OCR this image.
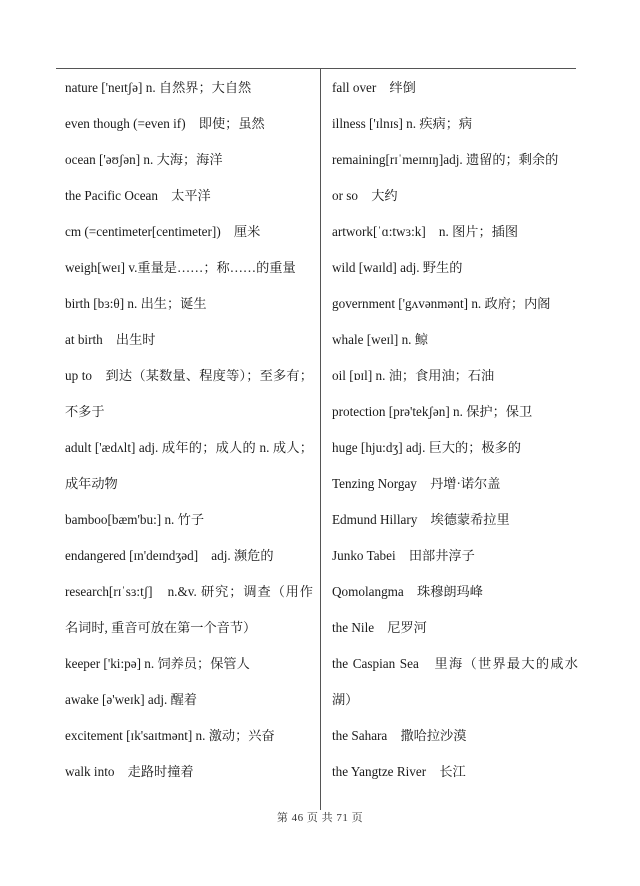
nature ['neɪtʃə] n. 自然界；大自然
even though (=even if)　即使；虽然
ocean ['əʊʃən] n. 大海；海洋
the Pacific Ocean　太平洋
cm (=centimeter[centimeter])　厘米
weigh[weɪ] v.重量是……；称……的重量
birth [bɜ:θ] n. 出生；诞生
at birth　出生时
up to　到达（某数量、程度等）；至多有；不多于
adult ['ædʌlt] adj. 成年的；成人的 n. 成人；成年动物
bamboo[bæm'bu:] n. 竹子
endangered [ɪn'deɪndʒəd]　adj. 濒危的
research[rɪˈsɜ:tʃ]　n.&v. 研究；调查（用作名词时, 重音可放在第一个音节）
keeper ['ki:pə] n. 饲养员；保管人
awake [ə'weɪk] adj. 醒着
excitement [ɪk'saɪtmənt] n. 激动；兴奋
walk into　走路时撞着
fall over　绊倒
illness ['ɪlnɪs] n. 疾病；病
remaining[rɪˈmeɪnɪŋ]adj. 遗留的；剩余的
or so　大约
artwork[ˈɑ:twɜ:k]　n. 图片；插图
wild [waɪld] adj. 野生的
government ['gʌvənmənt] n. 政府；内阁
whale [weɪl] n. 鲸
oil [ɒɪl] n. 油；食用油；石油
protection [prə'tekʃən] n. 保护；保卫
huge [hju:dʒ] adj. 巨大的；极多的
Tenzing Norgay　丹增·诺尔盖
Edmund Hillary　埃德蒙希拉里
Junko Tabei　田部井淳子
Qomolangma　珠穆朗玛峰
the Nile　尼罗河
the Caspian Sea　里海（世界最大的咸水湖）
the Sahara　撒哈拉沙漠
the Yangtze River　长江
第 46 页 共 71 页
